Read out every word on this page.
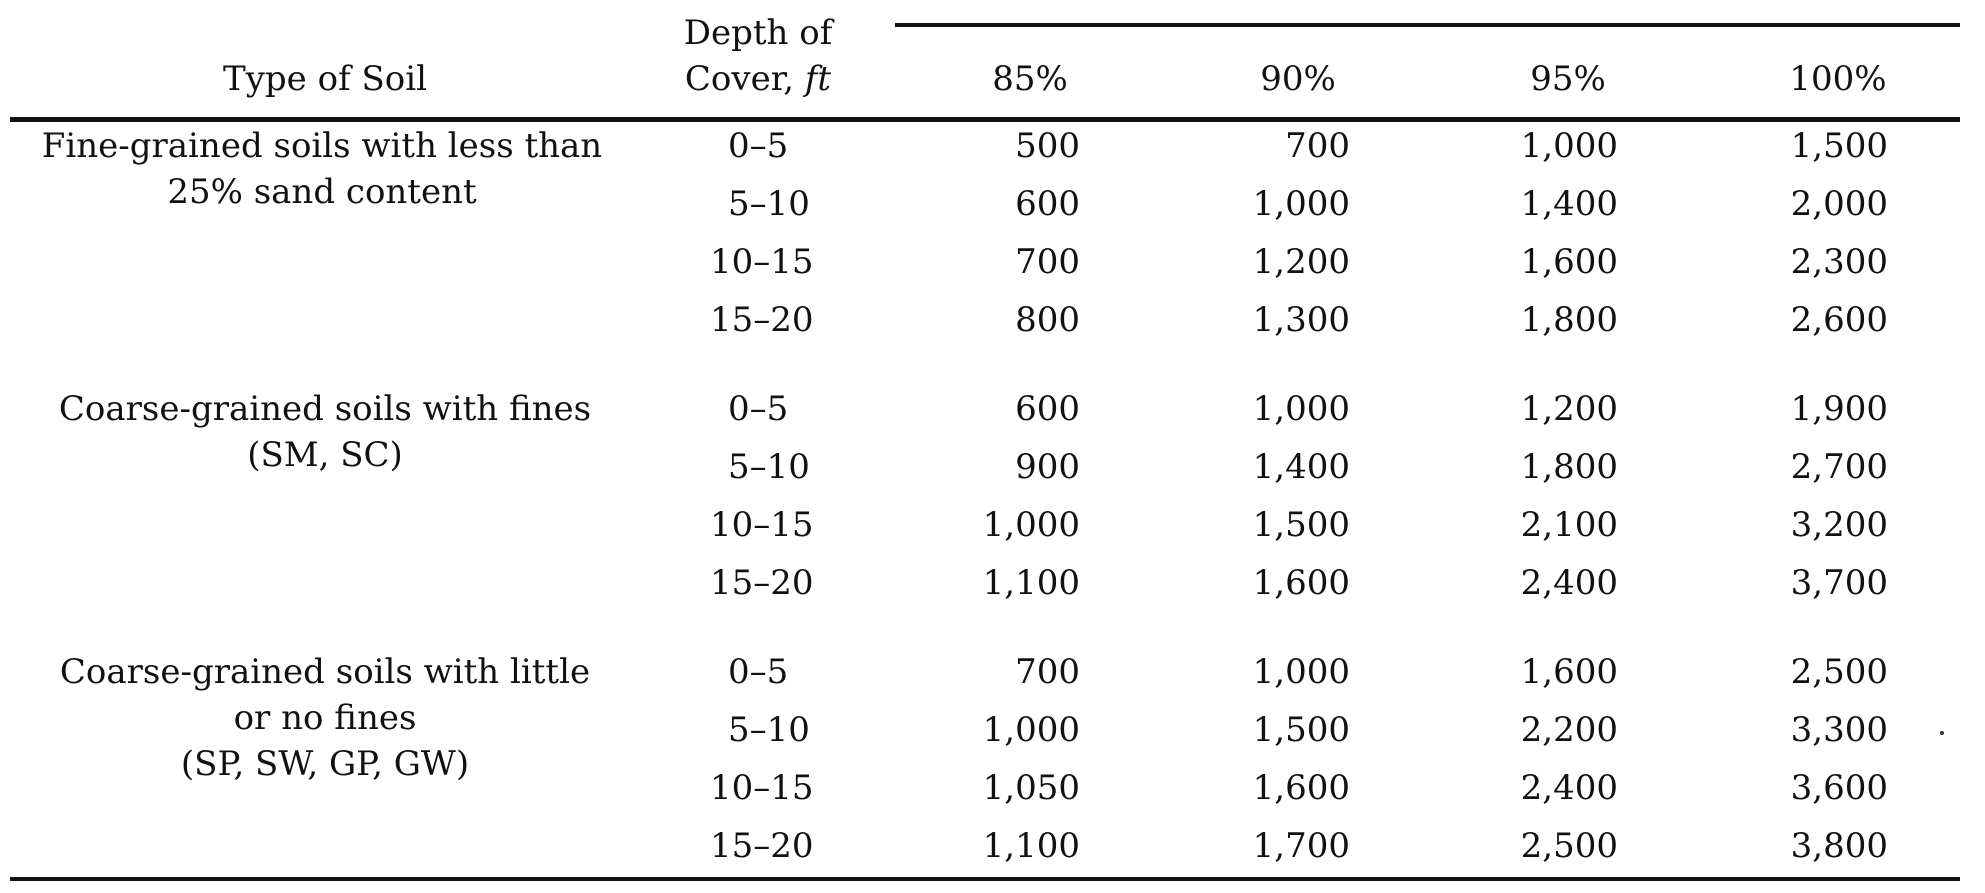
Type of Soil
Depth of
Cover, ft	85%	90%	95%	100%
Fine-grained soils with less than
25% sand content
0–5	500	700	1,000	1,500
5–10	600	1,000	1,400	2,000
10–15	700	1,200	1,600	2,300
15–20	800	1,300	1,800	2,600
Coarse-grained soils with fines
(SM, SC)
0–5	600	1,000	1,200	1,900
5–10	900	1,400	1,800	2,700
10–15	1,000	1,500	2,100	3,200
15–20	1,100	1,600	2,400	3,700
Coarse-grained soils with little
or no fines
(SP, SW, GP, GW)
0–5	700	1,000	1,600	2,500
5–10	1,000	1,500	2,200	3,300
10–15	1,050	1,600	2,400	3,600
15–20	1,100	1,700	2,500	3,800
